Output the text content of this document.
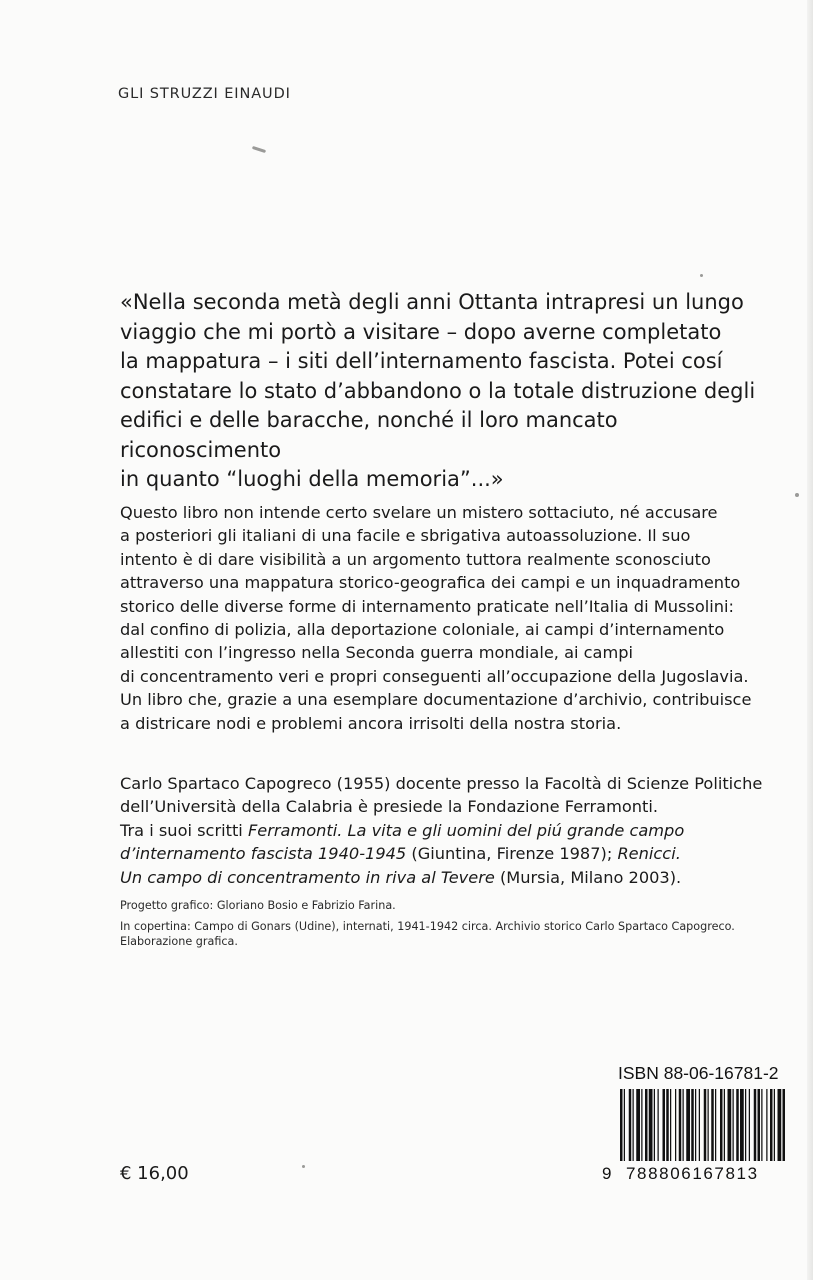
GLI STRUZZI EINAUDI
«Nella seconda metà degli anni Ottanta intrapresi un lungo
viaggio che mi portò a visitare – dopo averne completato
la mappatura – i siti dell’internamento fascista. Potei cosí
constatare lo stato d’abbandono o la totale distruzione degli
edifici e delle baracche, nonché il loro mancato riconoscimento
in quanto “luoghi della memoria”...»
Questo libro non intende certo svelare un mistero sottaciuto, né accusare
a posteriori gli italiani di una facile e sbrigativa autoassoluzione. Il suo
intento è di dare visibilità a un argomento tuttora realmente sconosciuto
attraverso una mappatura storico-geografica dei campi e un inquadramento
storico delle diverse forme di internamento praticate nell’Italia di Mussolini:
dal confino di polizia, alla deportazione coloniale, ai campi d’internamento
allestiti con l’ingresso nella Seconda guerra mondiale, ai campi
di concentramento veri e propri conseguenti all’occupazione della Jugoslavia.
Un libro che, grazie a una esemplare documentazione d’archivio, contribuisce
a districare nodi e problemi ancora irrisolti della nostra storia.
Carlo Spartaco Capogreco (1955) docente presso la Facoltà di Scienze Politiche
dell’Università della Calabria è presiede la Fondazione Ferramonti.
Tra i suoi scritti Ferramonti. La vita e gli uomini del piú grande campo
d’internamento fascista 1940-1945 (Giuntina, Firenze 1987); Renicci.
Un campo di concentramento in riva al Tevere (Mursia, Milano 2003).

Progetto grafico: Gloriano Bosio e Fabrizio Farina.

In copertina: Campo di Gonars (Udine), internati, 1941-1942 circa. Archivio storico Carlo Spartaco Capogreco.
Elaborazione grafica.
ISBN 88-06-16781-2
9 788806167813
€ 16,00
